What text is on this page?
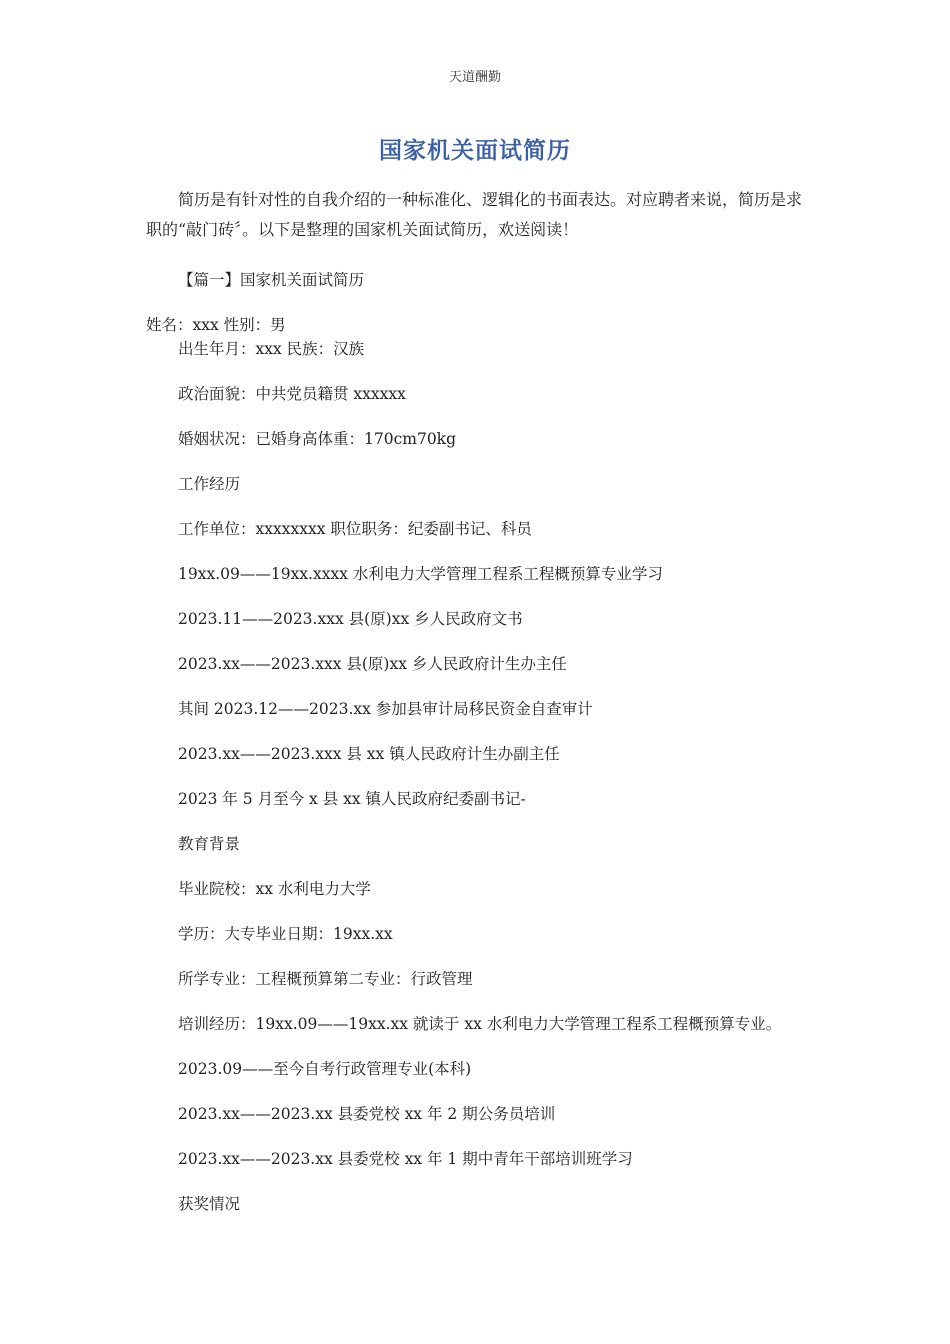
天道酬勤
国家机关面试简历
简历是有针对性的自我介绍的一种标准化、逻辑化的书面表达。对应聘者来说，简历是求职的“敲门砖〞。以下是整理的国家机关面试简历，欢送阅读！
【篇一】国家机关面试简历
姓名：xxx 性别：男
出生年月：xxx 民族：汉族
政治面貌：中共党员籍贯 xxxxxx
婚姻状况：已婚身高体重：170cm70kg
工作经历
工作单位：xxxxxxxx 职位职务：纪委副书记、科员
19xx.09——19xx.xxxx 水利电力大学管理工程系工程概预算专业学习
2023.11——2023.xxx 县(原)xx 乡人民政府文书
2023.xx——2023.xxx 县(原)xx 乡人民政府计生办主任
其间 2023.12——2023.xx 参加县审计局移民资金自查审计
2023.xx——2023.xxx 县 xx 镇人民政府计生办副主任
2023 年 5 月至今 x 县 xx 镇人民政府纪委副书记-
教育背景
毕业院校：xx 水利电力大学
学历：大专毕业日期：19xx.xx
所学专业：工程概预算第二专业：行政管理
培训经历：19xx.09——19xx.xx 就读于 xx 水利电力大学管理工程系工程概预算专业。
2023.09——至今自考行政管理专业(本科)
2023.xx——2023.xx 县委党校 xx 年 2 期公务员培训
2023.xx——2023.xx 县委党校 xx 年 1 期中青年干部培训班学习
获奖情况
